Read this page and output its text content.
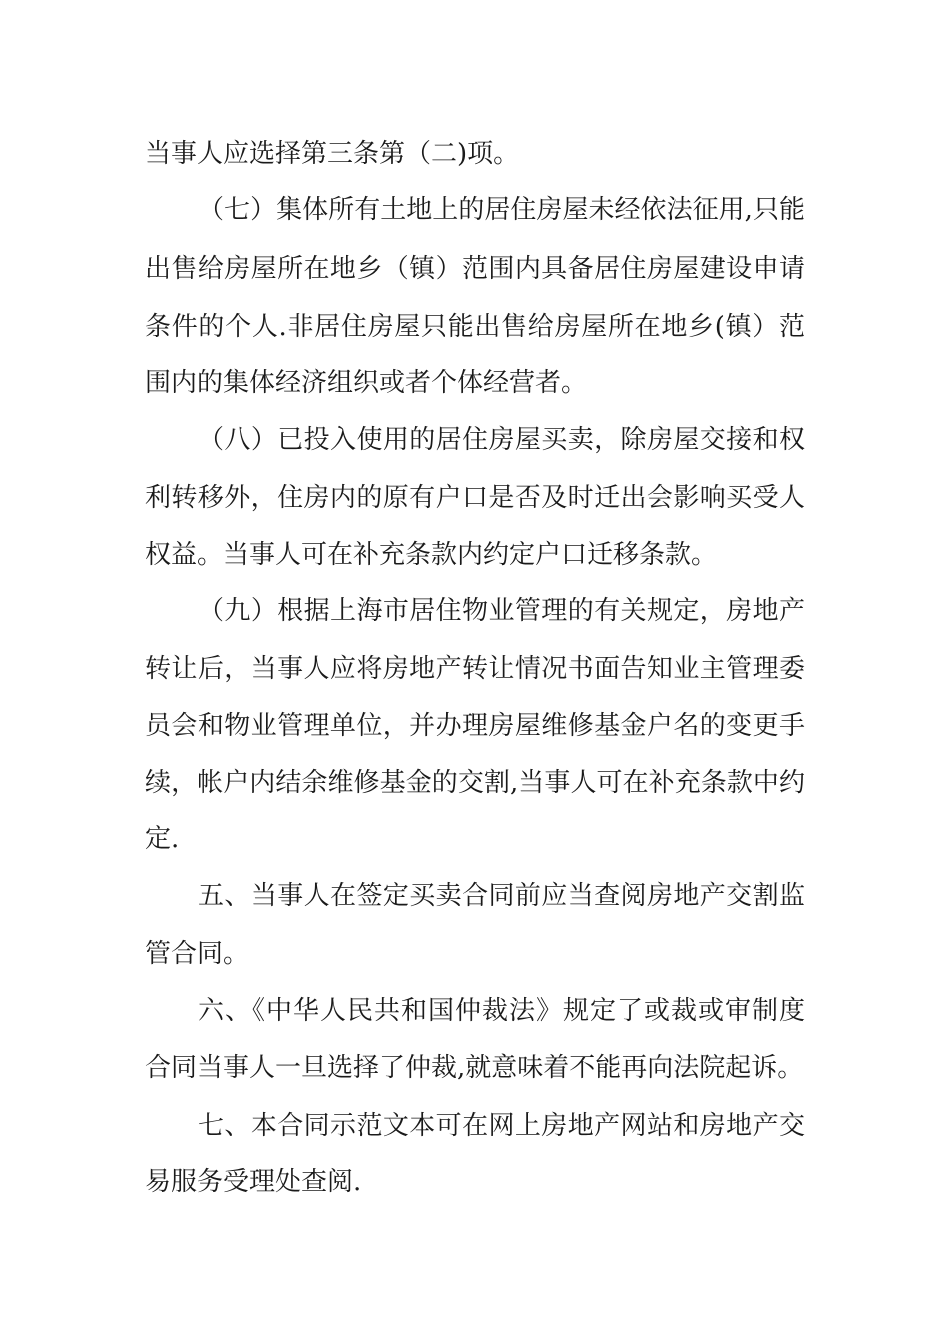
当事人应选择第三条第（二)项。
（七）集体所有土地上的居住房屋未经依法征用,只能
出售给房屋所在地乡（镇）范围内具备居住房屋建设申请
条件的个人.非居住房屋只能出售给房屋所在地乡(镇）范
围内的集体经济组织或者个体经营者。
（八）已投入使用的居住房屋买卖，除房屋交接和权
利转移外，住房内的原有户口是否及时迁出会影响买受人
权益。当事人可在补充条款内约定户口迁移条款。
（九）根据上海市居住物业管理的有关规定，房地产
转让后，当事人应将房地产转让情况书面告知业主管理委
员会和物业管理单位，并办理房屋维修基金户名的变更手
续，帐户内结余维修基金的交割,当事人可在补充条款中约
定.
五、当事人在签定买卖合同前应当查阅房地产交割监
管合同。
六、《中华人民共和国仲裁法》规定了或裁或审制度
合同当事人一旦选择了仲裁,就意味着不能再向法院起诉。
七、本合同示范文本可在网上房地产网站和房地产交
易服务受理处查阅.
